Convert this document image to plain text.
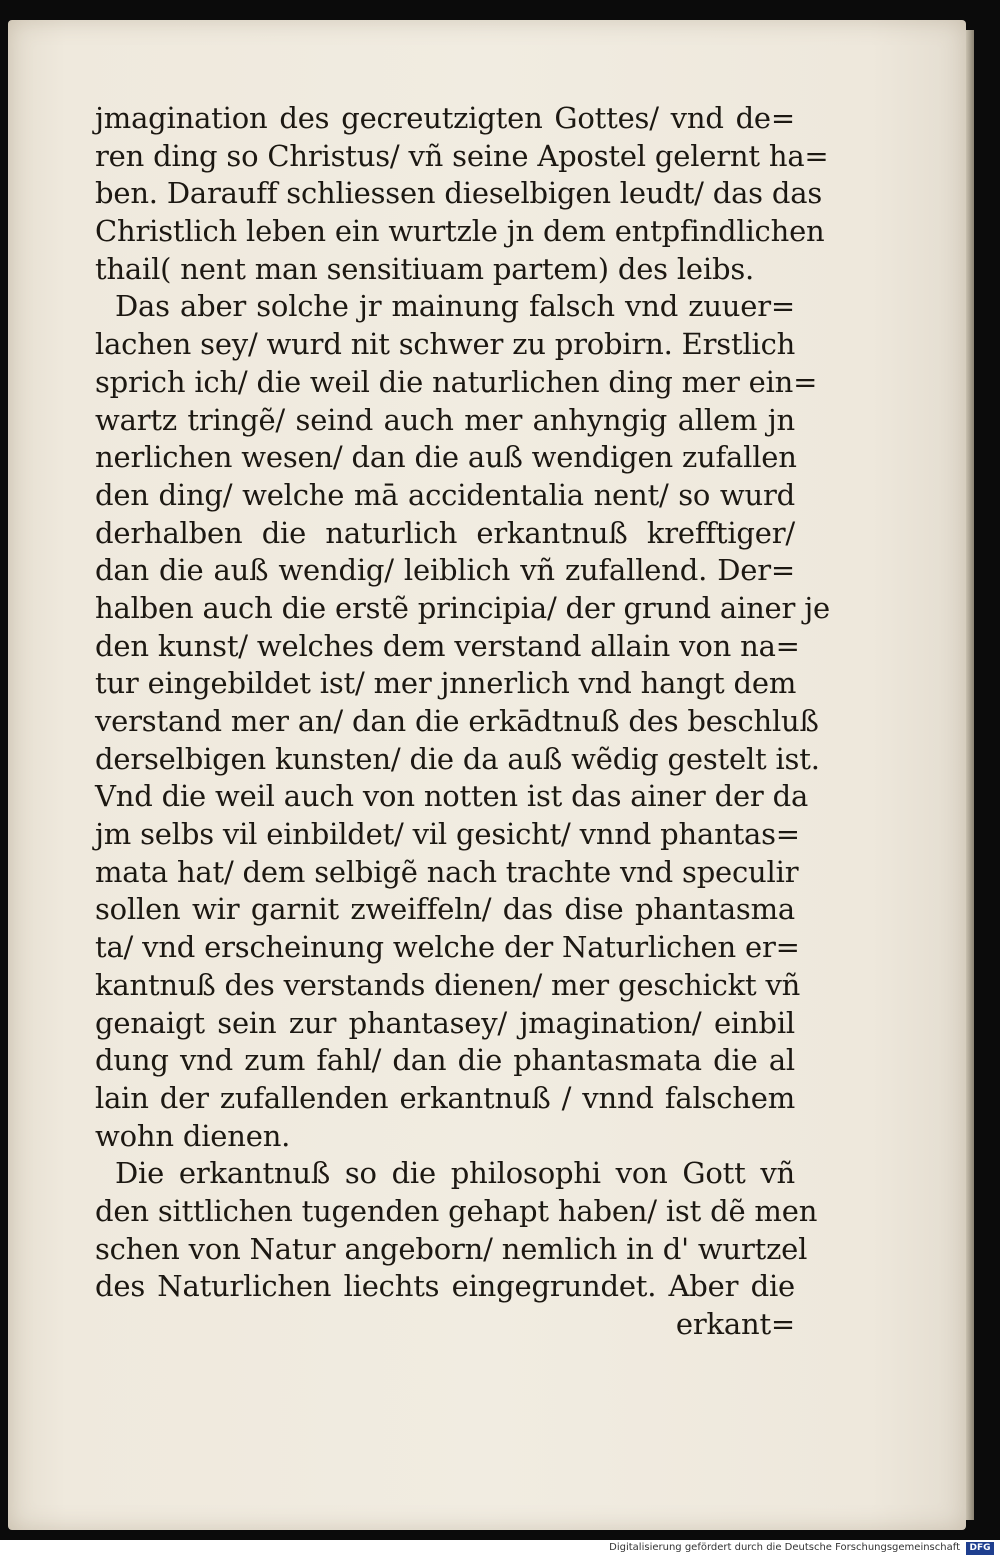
jmagination des gecreutzigten Gottes/ vnd de=
ren ding so Christus/ vñ seine Apostel gelernt ha=
ben. Darauff schliessen dieselbigen leudt/ das das
Christlich leben ein wurtzle jn dem entpfindlichen
thail( nent man sensitiuam partem) des leibs.
Das aber solche jr mainung falsch vnd zuuer=
lachen sey/ wurd nit schwer zu probirn. Erstlich
sprich ich/ die weil die naturlichen ding mer ein=
wartz tringẽ/ seind auch mer anhyngig allem jn
nerlichen wesen/ dan die auß wendigen zufallen
den ding/ welche mā accidentalia nent/ so wurd
derhalben die naturlich erkantnuß krefftiger/
dan die auß wendig/ leiblich vñ zufallend. Der=
halben auch die erstẽ principia/ der grund ainer je
den kunst/ welches dem verstand allain von na=
tur eingebildet ist/ mer jnnerlich vnd hangt dem
verstand mer an/ dan die erkādtnuß des beschluß
derselbigen kunsten/ die da auß wẽdig gestelt ist.
Vnd die weil auch von notten ist das ainer der da
jm selbs vil einbildet/ vil gesicht/ vnnd phantas=
mata hat/ dem selbigẽ nach trachte vnd speculir
sollen wir garnit zweiffeln/ das dise phantasma
ta/ vnd erscheinung welche der Naturlichen er=
kantnuß des verstands dienen/ mer geschickt vñ
genaigt sein zur phantasey/ jmagination/ einbil
dung vnd zum fahl/ dan die phantasmata die al
lain der zufallenden erkantnuß / vnnd falschem
wohn dienen.
Die erkantnuß so die philosophi von Gott vñ
den sittlichen tugenden gehapt haben/ ist dẽ men
schen von Natur angeborn/ nemlich in d' wurtzel
des Naturlichen liechts eingegrundet. Aber die
erkant=
Digitalisierung gefördert durch die Deutsche Forschungsgemeinschaft	DFG
